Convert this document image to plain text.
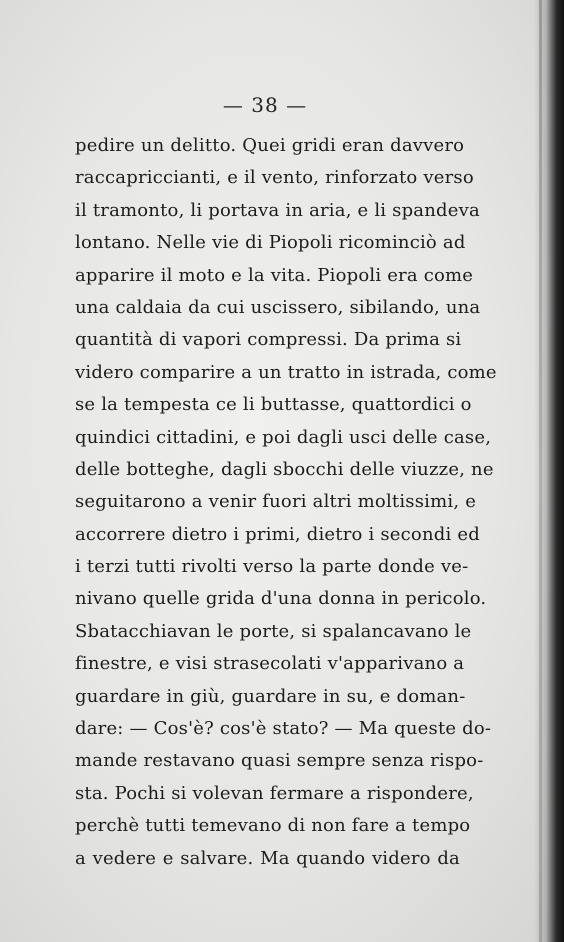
— 38 —
pedire un delitto. Quei gridi eran davvero
raccapriccianti, e il vento, rinforzato verso
il tramonto, li portava in aria, e li spandeva
lontano. Nelle vie di Piopoli ricominciò ad
apparire il moto e la vita. Piopoli era come
una caldaia da cui uscissero, sibilando, una
quantità di vapori compressi. Da prima si
videro comparire a un tratto in istrada, come
se la tempesta ce li buttasse, quattordici o
quindici cittadini, e poi dagli usci delle case,
delle botteghe, dagli sbocchi delle viuzze, ne
seguitarono a venir fuori altri moltissimi, e
accorrere dietro i primi, dietro i secondi ed
i terzi tutti rivolti verso la parte donde ve-
nivano quelle grida d'una donna in pericolo.
Sbatacchiavan le porte, si spalancavano le
finestre, e visi strasecolati v'apparivano a
guardare in giù, guardare in su, e doman-
dare: — Cos'è? cos'è stato? — Ma queste do-
mande restavano quasi sempre senza rispo-
sta. Pochi si volevan fermare a rispondere,
perchè tutti temevano di non fare a tempo
a vedere e salvare. Ma quando videro da
